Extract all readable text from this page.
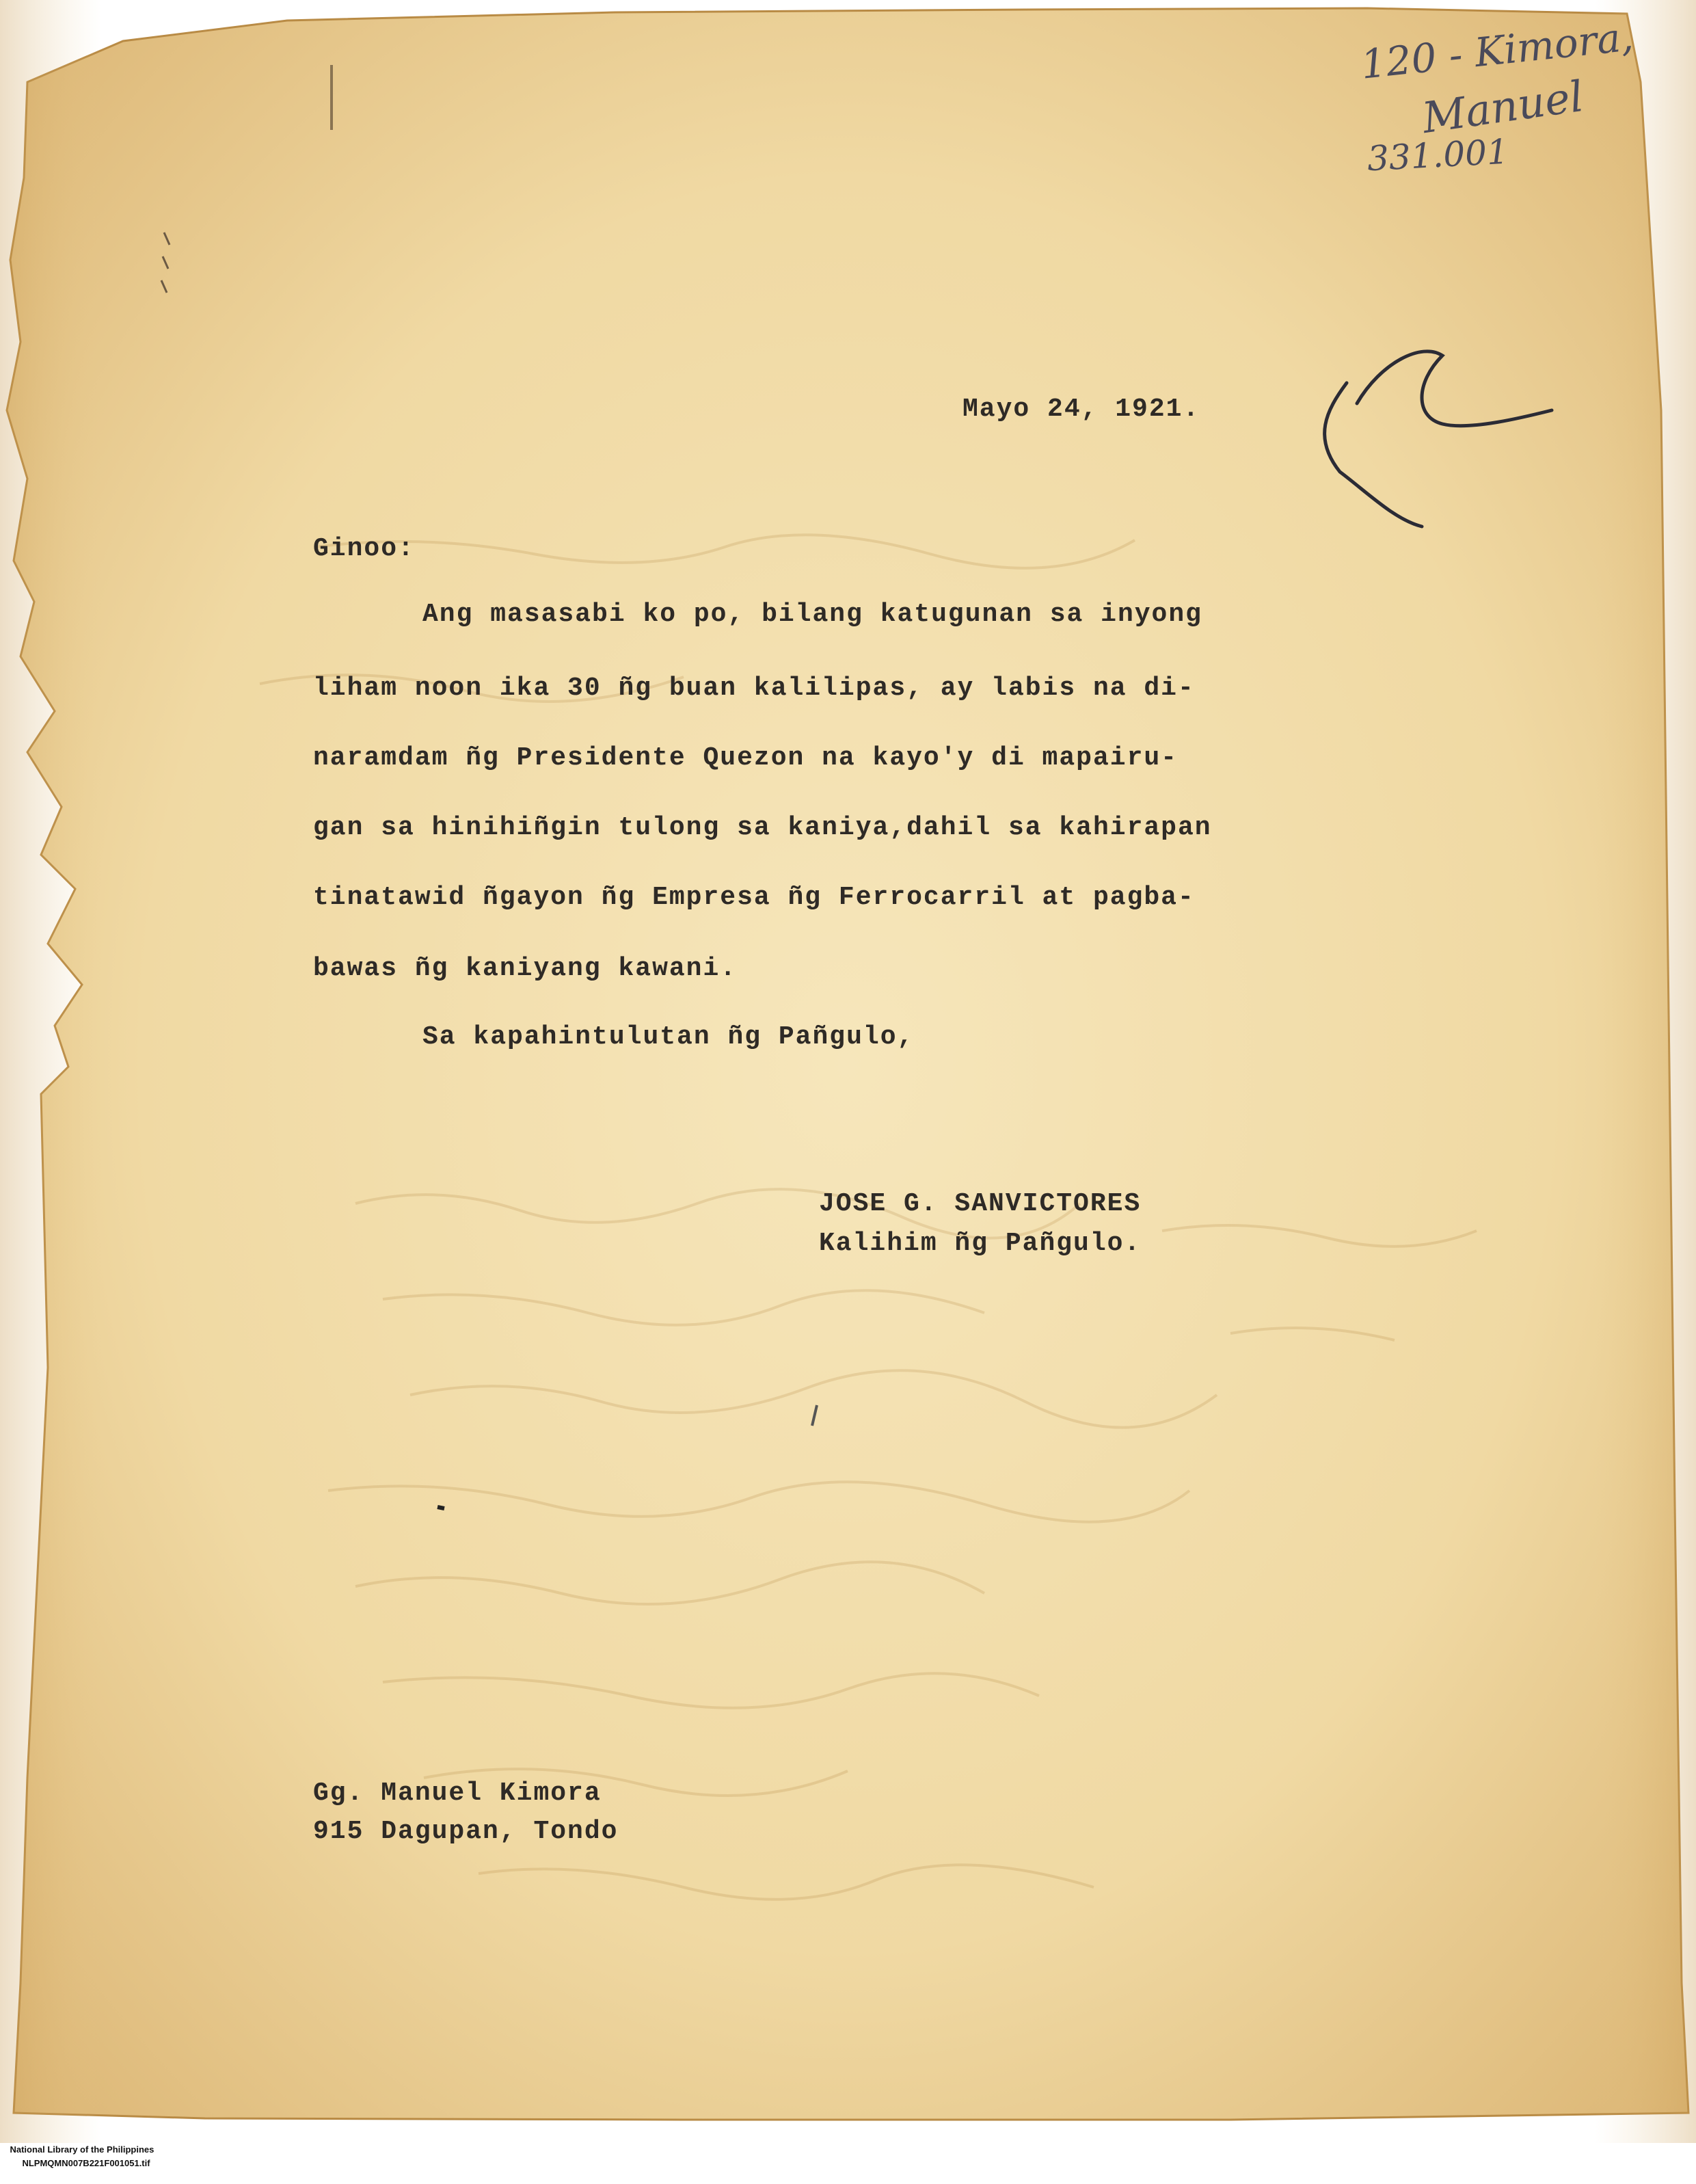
120 - Kimora,
Manuel
331.001
Mayo 24, 1921.
Ginoo:
Ang masasabi ko po, bilang katugunan sa inyong
liham noon ika 30 ñg buan kalilipas, ay labis na di-
naramdam ñg Presidente Quezon na kayo'y di mapairu-
gan sa hinihiñgin tulong sa kaniya,dahil sa kahirapan
tinatawid ñgayon ñg Empresa ñg Ferrocarril at pagba-
bawas ñg kaniyang kawani.
Sa kapahintulutan ñg Pañgulo,
JOSE G. SANVICTORES
Kalihim ñg Pañgulo.
Gg. Manuel Kimora
915 Dagupan, Tondo

National Library of the Philippines
NLPMQMN007B221F001051.tif
